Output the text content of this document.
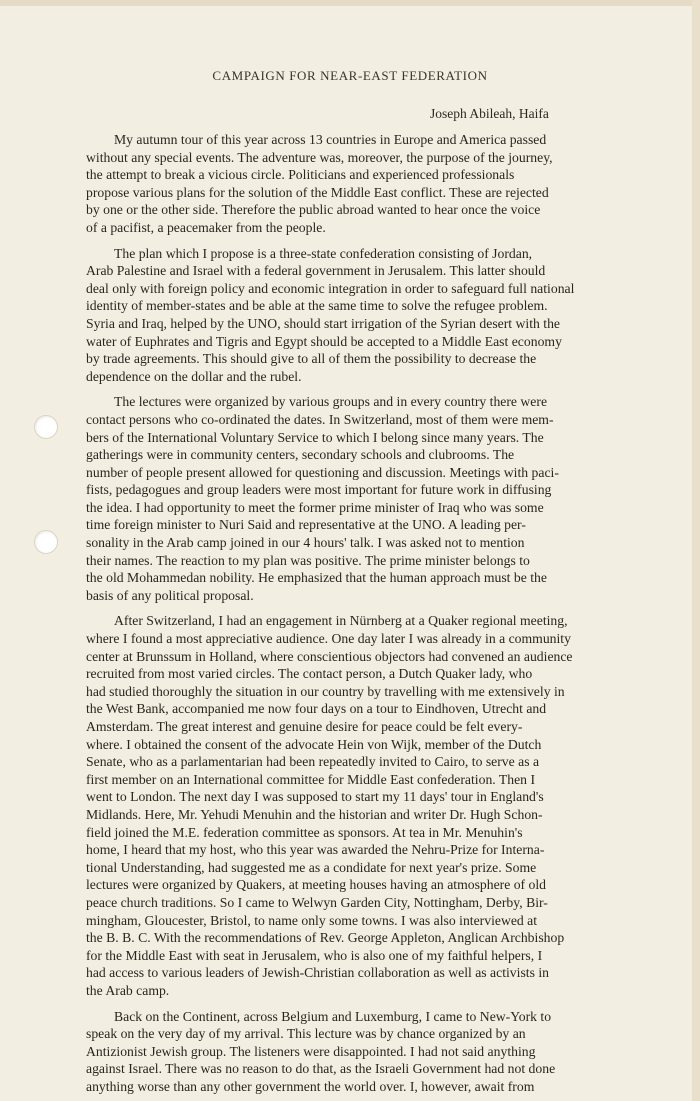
CAMPAIGN FOR NEAR-EAST FEDERATION
Joseph Abileah, Haifa
My autumn tour of this year across 13 countries in Europe and America passed
without any special events. The adventure was, moreover, the purpose of the journey,
the attempt to break a vicious circle. Politicians and experienced professionals
propose various plans for the solution of the Middle East conflict. These are rejected
by one or the other side. Therefore the public abroad wanted to hear once the voice
of a pacifist, a peacemaker from the people.
The plan which I propose is a three-state confederation consisting of Jordan,
Arab Palestine and Israel with a federal government in Jerusalem. This latter should
deal only with foreign policy and economic integration in order to safeguard full national
identity of member-states and be able at the same time to solve the refugee problem.
Syria and Iraq, helped by the UNO, should start irrigation of the Syrian desert with the
water of Euphrates and Tigris and Egypt should be accepted to a Middle East economy
by trade agreements. This should give to all of them the possibility to decrease the
dependence on the dollar and the rubel.
The lectures were organized by various groups and in every country there were
contact persons who co-ordinated the dates. In Switzerland, most of them were mem-
bers of the International Voluntary Service to which I belong since many years. The
gatherings were in community centers, secondary schools and clubrooms. The
number of people present allowed for questioning and discussion. Meetings with paci-
fists, pedagogues and group leaders were most important for future work in diffusing
the idea. I had opportunity to meet the former prime minister of Iraq who was some
time foreign minister to Nuri Said and representative at the UNO. A leading per-
sonality in the Arab camp joined in our 4 hours' talk. I was asked not to mention
their names. The reaction to my plan was positive. The prime minister belongs to
the old Mohammedan nobility. He emphasized that the human approach must be the
basis of any political proposal.
After Switzerland, I had an engagement in Nürnberg at a Quaker regional meeting,
where I found a most appreciative audience. One day later I was already in a community
center at Brunssum in Holland, where conscientious objectors had convened an audience
recruited from most varied circles. The contact person, a Dutch Quaker lady, who
had studied thoroughly the situation in our country by travelling with me extensively in
the West Bank, accompanied me now four days on a tour to Eindhoven, Utrecht and
Amsterdam. The great interest and genuine desire for peace could be felt every-
where. I obtained the consent of the advocate Hein von Wijk, member of the Dutch
Senate, who as a parlamentarian had been repeatedly invited to Cairo, to serve as a
first member on an International committee for Middle East confederation. Then I
went to London. The next day I was supposed to start my 11 days' tour in England's
Midlands. Here, Mr. Yehudi Menuhin and the historian and writer Dr. Hugh Schon-
field joined the M.E. federation committee as sponsors. At tea in Mr. Menuhin's
home, I heard that my host, who this year was awarded the Nehru-Prize for Interna-
tional Understanding, had suggested me as a condidate for next year's prize. Some
lectures were organized by Quakers, at meeting houses having an atmosphere of old
peace church traditions. So I came to Welwyn Garden City, Nottingham, Derby, Bir-
mingham, Gloucester, Bristol, to name only some towns. I was also interviewed at
the B. B. C. With the recommendations of Rev. George Appleton, Anglican Archbishop
for the Middle East with seat in Jerusalem, who is also one of my faithful helpers, I
had access to various leaders of Jewish-Christian collaboration as well as activists in
the Arab camp.
Back on the Continent, across Belgium and Luxemburg, I came to New-York to
speak on the very day of my arrival. This lecture was by chance organized by an
Antizionist Jewish group. The listeners were disappointed. I had not said anything
against Israel. There was no reason to do that, as the Israeli Government had not done
anything worse than any other government the world over. I, however, await from
